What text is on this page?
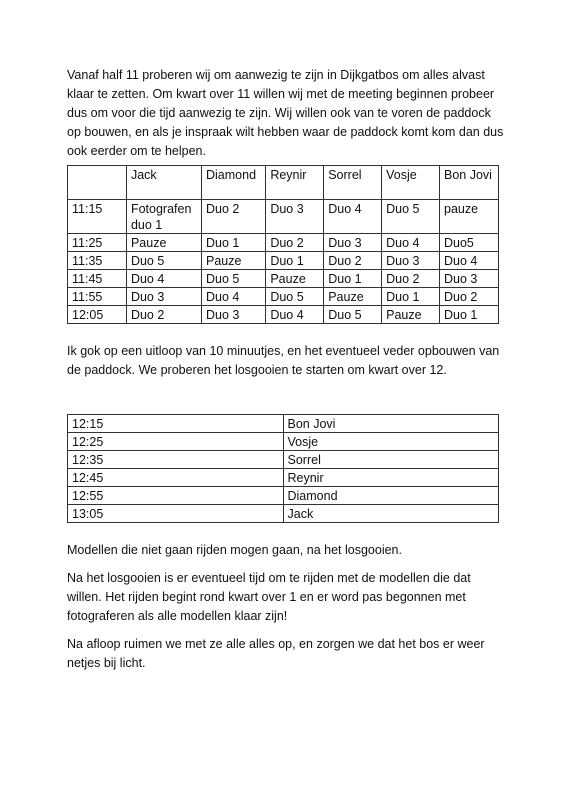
Vanaf half 11 proberen wij om aanwezig te zijn in Dijkgatbos om alles alvast klaar te zetten. Om kwart over 11 willen wij met de meeting beginnen probeer dus om voor die tijd aanwezig te zijn. Wij willen ook van te voren de paddock op bouwen, en als je inspraak wilt hebben waar de paddock komt kom dan dus ook eerder om te helpen.

	Jack	Diamond	Reynir	Sorrel	Vosje	Bon Jovi
11:15	Fotografen duo 1	Duo 2	Duo 3	Duo 4	Duo 5	pauze
11:25	Pauze	Duo 1	Duo 2	Duo 3	Duo 4	Duo5
11:35	Duo 5	Pauze	Duo 1	Duo 2	Duo 3	Duo 4
11:45	Duo 4	Duo 5	Pauze	Duo 1	Duo 2	Duo 3
11:55	Duo 3	Duo 4	Duo 5	Pauze	Duo 1	Duo 2
12:05	Duo 2	Duo 3	Duo 4	Duo 5	Pauze	Duo 1

Ik gok op een uitloop van 10 minuutjes, en het eventueel veder opbouwen van de paddock. We proberen het losgooien te starten om kwart over 12.

12:15	Bon Jovi
12:25	Vosje
12:35	Sorrel
12:45	Reynir
12:55	Diamond
13:05	Jack

Modellen die niet gaan rijden mogen gaan, na het losgooien.

Na het losgooien is er eventueel tijd om te rijden met de modellen die dat willen. Het rijden begint rond kwart over 1 en er word pas begonnen met fotograferen als alle modellen klaar zijn!

Na afloop ruimen we met ze alle alles op, en zorgen we dat het bos er weer netjes bij licht.
